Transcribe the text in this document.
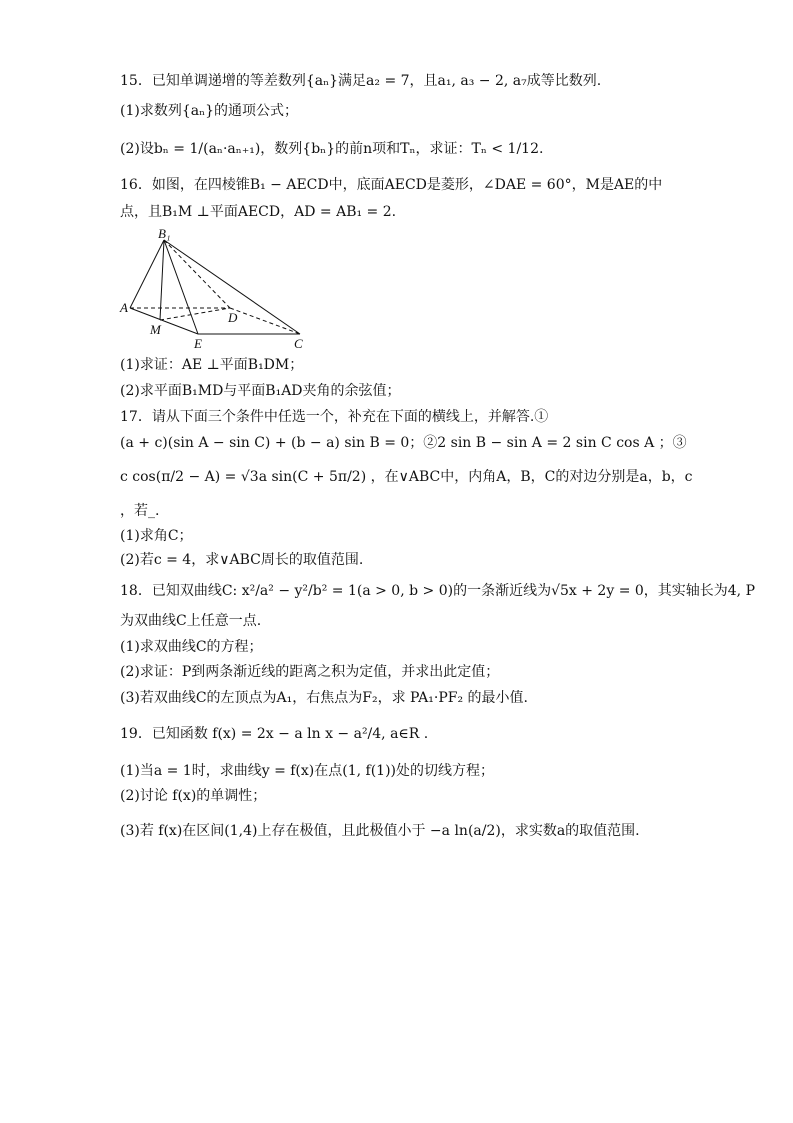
15．已知单调递增的等差数列{aₙ}满足a₂ = 7，且a₁, a₃ − 2, a₇成等比数列.
(1)求数列{aₙ}的通项公式；
(2)设bₙ = 1/(aₙ·aₙ₊₁)，数列{bₙ}的前n项和Tₙ，求证：Tₙ < 1/12.
16．如图，在四棱锥B₁ − AECD中，底面AECD是菱形，∠DAE = 60°，M是AE的中
点，且B₁M ⊥平面AECD，AD = AB₁ = 2.
B₁
A
M
E
D
C
(1)求证：AE ⊥平面B₁DM；
(2)求平面B₁MD与平面B₁AD夹角的余弦值；
17．请从下面三个条件中任选一个，补充在下面的横线上，并解答.①
(a + c)(sin A − sin C) + (b − a) sin B = 0；②2 sin B − sin A = 2 sin C cos A ；③
c cos(π/2 − A) = √3a sin(C + 5π/2) ，在∨ABC中，内角A，B，C的对边分别是a，b，c
，若_.
(1)求角C；
(2)若c = 4，求∨ABC周长的取值范围.
18．已知双曲线C: x²/a² − y²/b² = 1(a > 0, b > 0)的一条渐近线为√5x + 2y = 0，其实轴长为4, P
为双曲线C上任意一点.
(1)求双曲线C的方程；
(2)求证：P到两条渐近线的距离之积为定值，并求出此定值；
(3)若双曲线C的左顶点为A₁，右焦点为F₂，求 PA₁·PF₂ 的最小值.
19．已知函数 f(x) = 2x − a ln x − a²/4, a∈R .
(1)当a = 1时，求曲线y = f(x)在点(1, f(1))处的切线方程；
(2)讨论 f(x)的单调性；
(3)若 f(x)在区间(1,4)上存在极值，且此极值小于 −a ln(a/2)，求实数a的取值范围.
